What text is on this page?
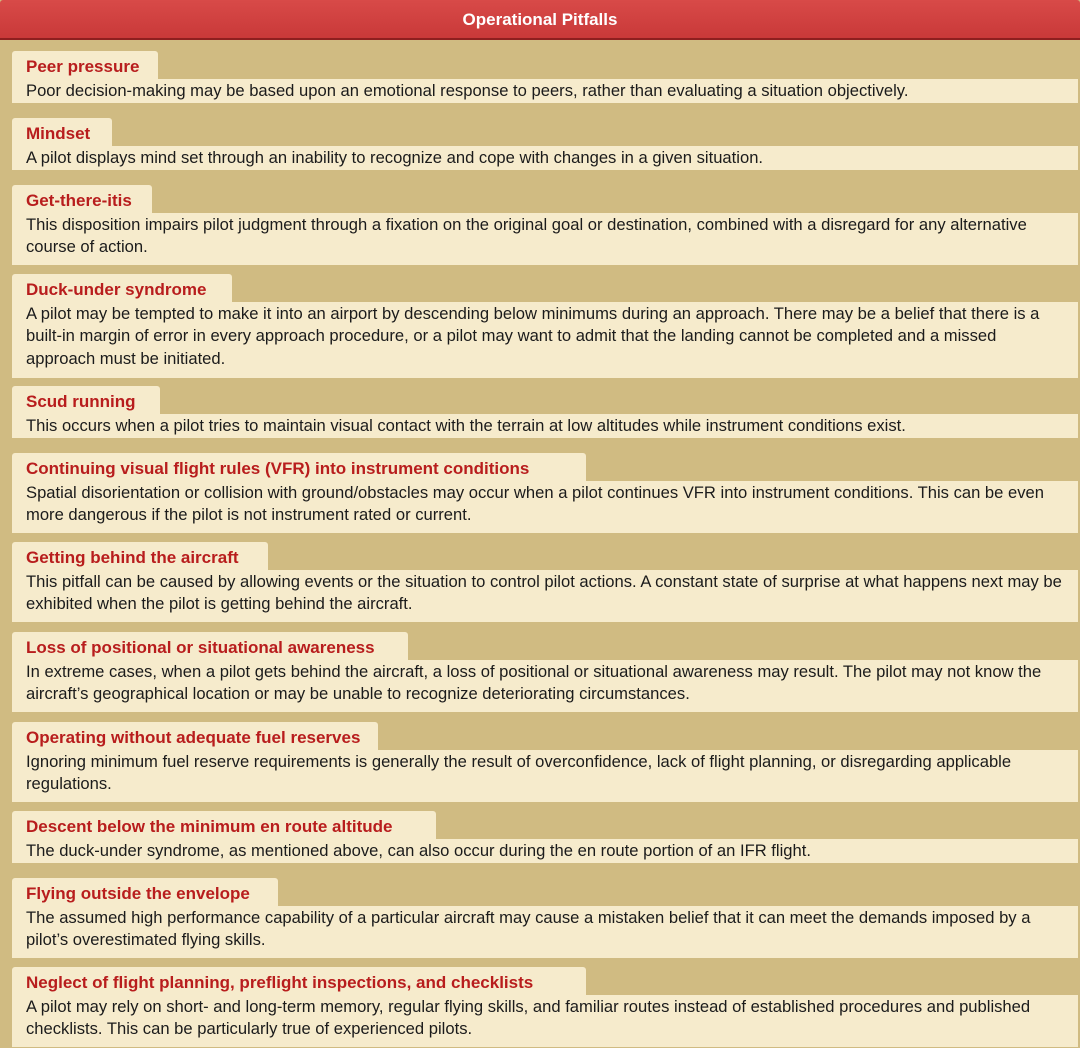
Operational Pitfalls
Peer pressure
Poor decision-making may be based upon an emotional response to peers, rather than evaluating a situation objectively.
Mindset
A pilot displays mind set through an inability to recognize and cope with changes in a given situation.
Get-there-itis
This disposition impairs pilot judgment through a fixation on the original goal or destination, combined with a disregard for any alternative course of action.
Duck-under syndrome
A pilot may be tempted to make it into an airport by descending below minimums during an approach. There may be a belief that there is a built-in margin of error in every approach procedure, or a pilot may want to admit that the landing cannot be completed and a missed approach must be initiated.
Scud running
This occurs when a pilot tries to maintain visual contact with the terrain at low altitudes while instrument conditions exist.
Continuing visual flight rules (VFR) into instrument conditions
Spatial disorientation or collision with ground/obstacles may occur when a pilot continues VFR into instrument conditions. This can be even more dangerous if the pilot is not instrument rated or current.
Getting behind the aircraft
This pitfall can be caused by allowing events or the situation to control pilot actions. A constant state of surprise at what happens next may be exhibited when the pilot is getting behind the aircraft.
Loss of positional or situational awareness
In extreme cases, when a pilot gets behind the aircraft, a loss of positional or situational awareness may result. The pilot may not know the aircraft’s geographical location or may be unable to recognize deteriorating circumstances.
Operating without adequate fuel reserves
Ignoring minimum fuel reserve requirements is generally the result of overconfidence, lack of flight planning, or disregarding applicable regulations.
Descent below the minimum en route altitude
The duck-under syndrome, as mentioned above, can also occur during the en route portion of an IFR flight.
Flying outside the envelope
The assumed high performance capability of a particular aircraft may cause a mistaken belief that it can meet the demands imposed by a pilot’s overestimated flying skills.
Neglect of flight planning, preflight inspections, and checklists
A pilot may rely on short- and long-term memory, regular flying skills, and familiar routes instead of established procedures and published checklists. This can be particularly true of experienced pilots.
